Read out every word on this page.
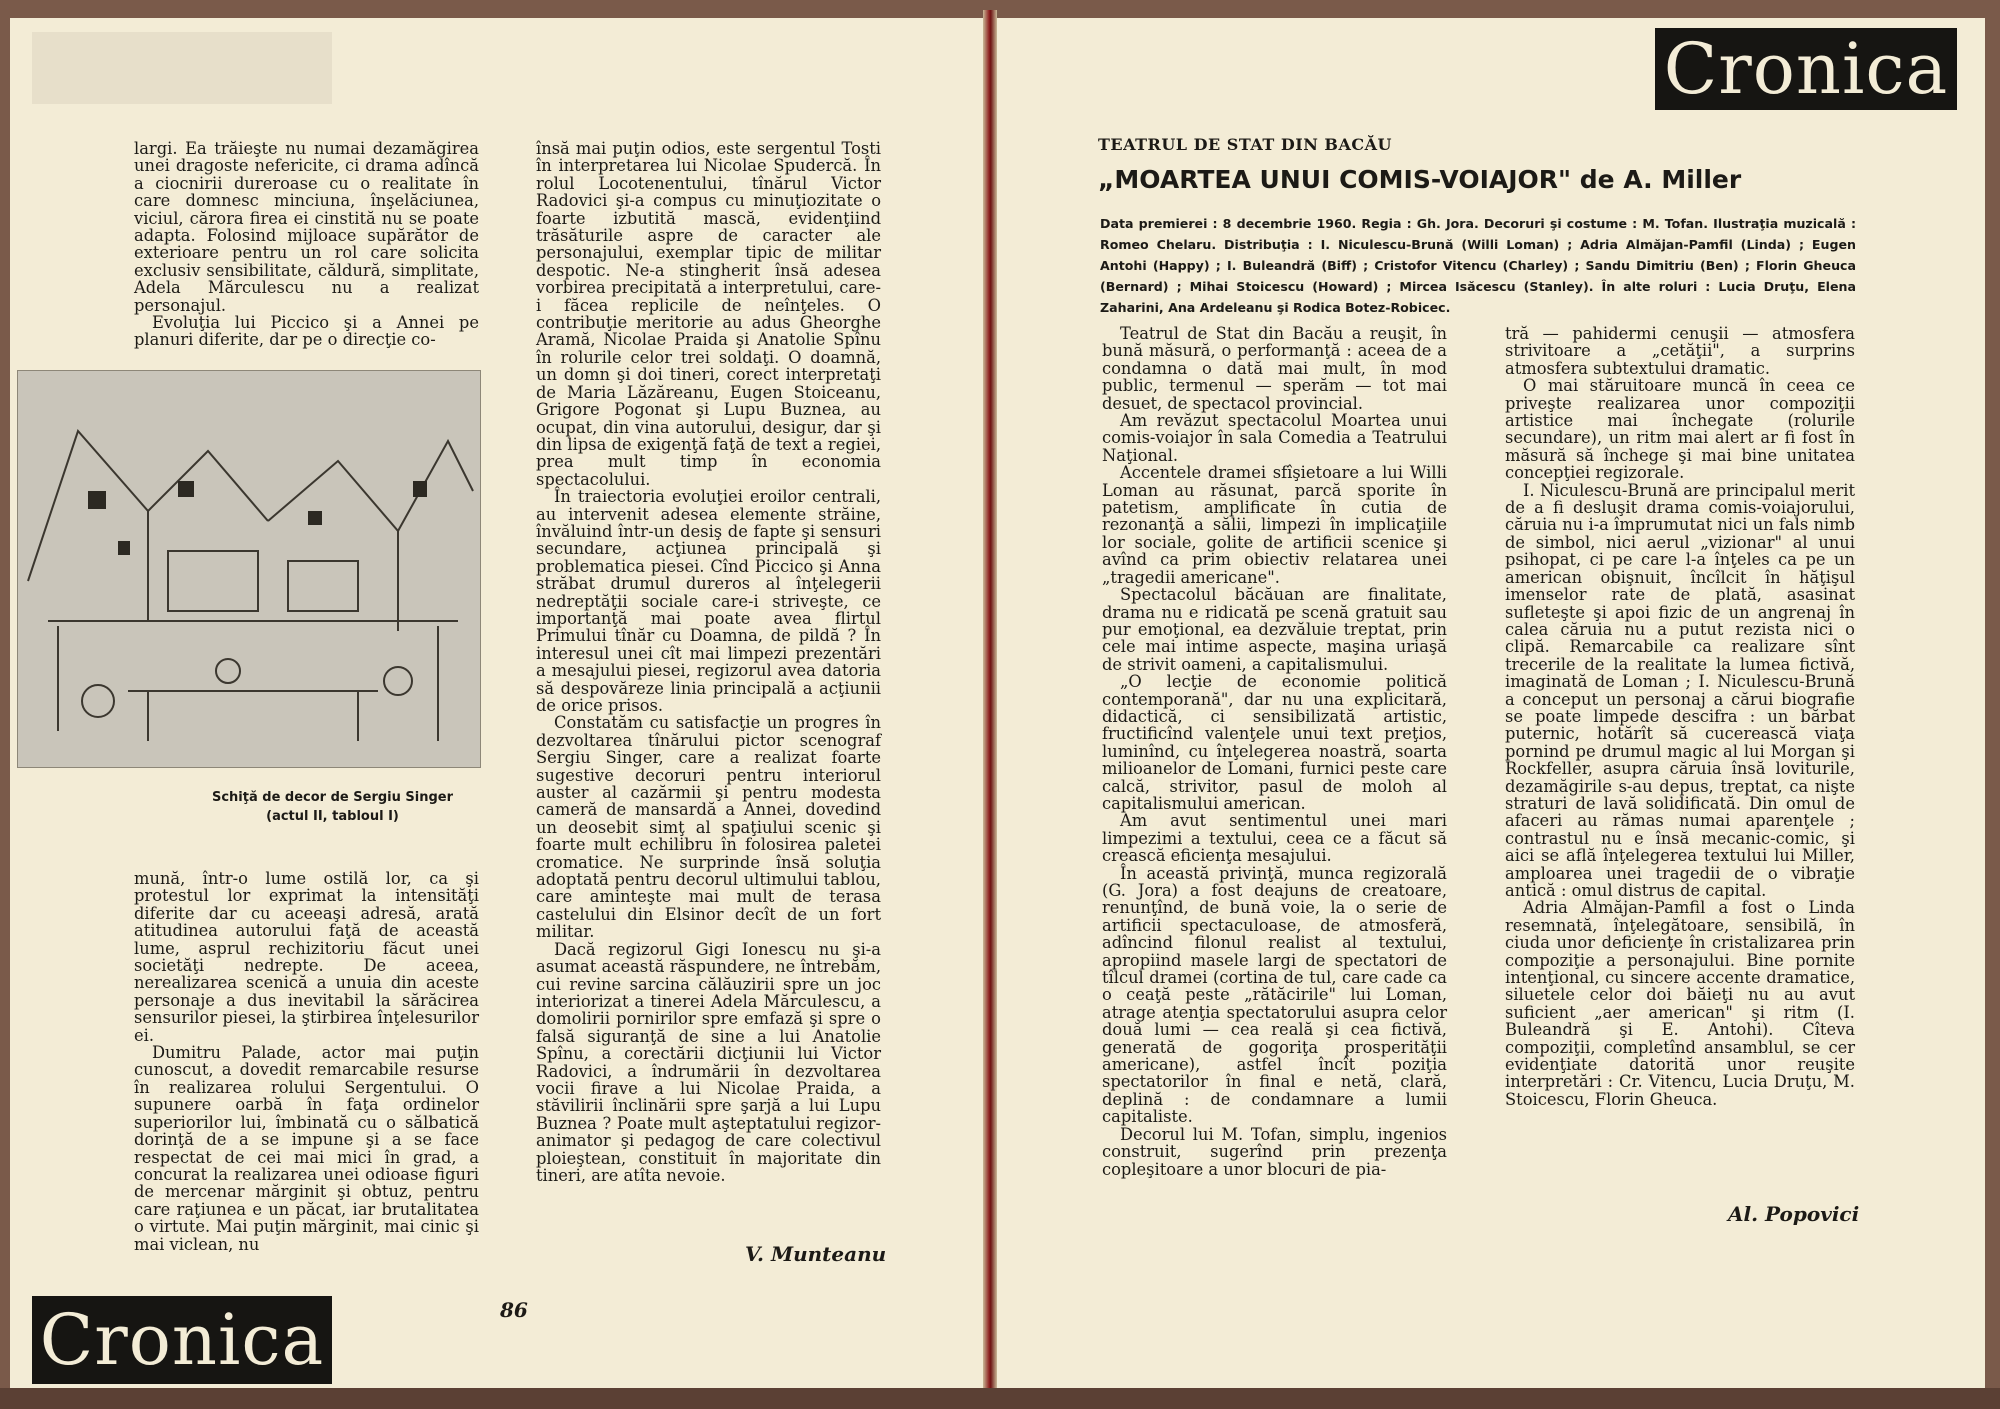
largi. Ea trăieşte nu numai dezamăgirea unei dragoste nefericite, ci drama adîncă a ciocnirii dureroase cu o realitate în care domnesc minciuna, înşelăciunea, viciul, cărora firea ei cinstită nu se poate adapta. Folosind mijloace supărător de exterioare pentru un rol care solicita exclusiv sensibilitate, căldură, simplitate, Adela Mărculescu nu a realizat personajul.

Evoluţia lui Piccico şi a Annei pe planuri diferite, dar pe o direcţie co-

Schiţă de decor de Sergiu Singer
(actul II, tabloul I)

mună, într-o lume ostilă lor, ca şi protestul lor exprimat la intensităţi diferite dar cu aceeaşi adresă, arată atitudinea autorului faţă de această lume, asprul rechizitoriu făcut unei societăţi nedrepte. De aceea, nerealizarea scenică a unuia din aceste personaje a dus inevitabil la sărăcirea sensurilor piesei, la ştirbirea înţelesurilor ei.

Dumitru Palade, actor mai puţin cunoscut, a dovedit remarcabile resurse în realizarea rolului Sergentului. O supunere oarbă în faţa ordinelor superiorilor lui, îmbinată cu o sălbatică dorinţă de a se impune şi a se face respectat de cei mai mici în grad, a concurat la realizarea unei odioase figuri de mercenar mărginit şi obtuz, pentru care raţiunea e un păcat, iar brutalitatea o virtute. Mai puţin mărginit, mai cinic şi mai viclean, nu

însă mai puţin odios, este sergentul Tosti în interpretarea lui Nicolae Spudercă. În rolul Locotenentului, tînărul Victor Radovici şi-a compus cu minuţiozitate o foarte izbutită mască, evidenţiind trăsăturile aspre de caracter ale personajului, exemplar tipic de militar despotic. Ne-a stingherit însă adesea vorbirea precipitată a interpretului, care-i făcea replicile de neînţeles. O contribuţie meritorie au adus Gheorghe Aramă, Nicolae Praida şi Anatolie Spînu în rolurile celor trei soldaţi. O doamnă, un domn şi doi tineri, corect interpretaţi de Maria Lăzăreanu, Eugen Stoiceanu, Grigore Pogonat şi Lupu Buznea, au ocupat, din vina autorului, desigur, dar şi din lipsa de exigenţă faţă de text a regiei, prea mult timp în economia spectacolului.

În traiectoria evoluţiei eroilor centrali, au intervenit adesea elemente străine, învăluind într-un desiş de fapte şi sensuri secundare, acţiunea principală şi problematica piesei. Cînd Piccico şi Anna străbat drumul dureros al înţelegerii nedreptăţii sociale care-i striveşte, ce importanţă mai poate avea flirtul Primului tînăr cu Doamna, de pildă ? În interesul unei cît mai limpezi prezentări a mesajului piesei, regizorul avea datoria să despovăreze linia principală a acţiunii de orice prisos.

Constatăm cu satisfacţie un progres în dezvoltarea tînărului pictor scenograf Sergiu Singer, care a realizat foarte sugestive decoruri pentru interiorul auster al cazărmii şi pentru modesta cameră de mansardă a Annei, dovedind un deosebit simţ al spaţiului scenic şi foarte mult echilibru în folosirea paletei cromatice. Ne surprinde însă soluţia adoptată pentru decorul ultimului tablou, care aminteşte mai mult de terasa castelului din Elsinor decît de un fort militar.

Dacă regizorul Gigi Ionescu nu şi-a asumat această răspundere, ne întrebăm, cui revine sarcina călăuzirii spre un joc interiorizat a tinerei Adela Mărculescu, a domolirii pornirilor spre emfază şi spre o falsă siguranţă de sine a lui Anatolie Spînu, a corectării dicţiunii lui Victor Radovici, a îndrumării în dezvoltarea vocii firave a lui Nicolae Praida, a stăvilirii înclinării spre şarjă a lui Lupu Buznea ? Poate mult aşteptatului regizor-animator şi pedagog de care colectivul ploieştean, constituit în majoritate din tineri, are atîta nevoie.

V. Munteanu
Cronica	86
Cronica
TEATRUL DE STAT DIN BACĂU
„MOARTEA UNUI COMIS-VOIAJOR" de A. Miller
Data premierei : 8 decembrie 1960. Regia : Gh. Jora. Decoruri şi costume : M. Tofan. Ilustraţia muzicală : Romeo Chelaru. Distribuţia : I. Niculescu-Brună (Willi Loman) ; Adria Almăjan-Pamfil (Linda) ; Eugen Antohi (Happy) ; I. Buleandră (Biff) ; Cristofor Vitencu (Charley) ; Sandu Dimitriu (Ben) ; Florin Gheuca (Bernard) ; Mihai Stoicescu (Howard) ; Mircea Isăcescu (Stanley). În alte roluri : Lucia Druţu, Elena Zaharini, Ana Ardeleanu şi Rodica Botez-Robicec.

Teatrul de Stat din Bacău a reuşit, în bună măsură, o performanţă : aceea de a condamna o dată mai mult, în mod public, termenul — sperăm — tot mai desuet, de spectacol provincial.

Am revăzut spectacolul Moartea unui comis-voiajor în sala Comedia a Teatrului Naţional.

Accentele dramei sfîşietoare a lui Willi Loman au răsunat, parcă sporite în patetism, amplificate în cutia de rezonanţă a sălii, limpezi în implicaţiile lor sociale, golite de artificii scenice şi avînd ca prim obiectiv relatarea unei „tragedii americane".

Spectacolul băcăuan are finalitate, drama nu e ridicată pe scenă gratuit sau pur emoţional, ea dezvăluie treptat, prin cele mai intime aspecte, maşina uriaşă de strivit oameni, a capitalismului.

„O lecţie de economie politică contemporană", dar nu una explicitară, didactică, ci sensibilizată artistic, fructificînd valenţele unui text preţios, luminînd, cu înţelegerea noastră, soarta milioanelor de Lomani, furnici peste care calcă, strivitor, pasul de moloh al capitalismului american.

Am avut sentimentul unei mari limpezimi a textului, ceea ce a făcut să crească eficienţa mesajului.

În această privinţă, munca regizorală (G. Jora) a fost deajuns de creatoare, renunţînd, de bună voie, la o serie de artificii spectaculoase, de atmosferă, adîncind filonul realist al textului, apropiind masele largi de spectatori de tîlcul dramei (cortina de tul, care cade ca o ceaţă peste „rătăcirile" lui Loman, atrage atenţia spectatorului asupra celor două lumi — cea reală şi cea fictivă, generată de gogoriţa prosperităţii americane), astfel încît poziţia spectatorilor în final e netă, clară, deplină : de condamnare a lumii capitaliste.

Decorul lui M. Tofan, simplu, ingenios construit, sugerînd prin prezenţa copleşitoare a unor blocuri de pia-

tră — pahidermi cenuşii — atmosfera strivitoare a „cetăţii", a surprins atmosfera subtextului dramatic.

O mai stăruitoare muncă în ceea ce priveşte realizarea unor compoziţii artistice mai închegate (rolurile secundare), un ritm mai alert ar fi fost în măsură să închege şi mai bine unitatea concepţiei regizorale.

I. Niculescu-Brună are principalul merit de a fi desluşit drama comis-voiajorului, căruia nu i-a împrumutat nici un fals nimb de simbol, nici aerul „vizionar" al unui psihopat, ci pe care l-a înţeles ca pe un american obişnuit, încîlcit în hăţişul imenselor rate de plată, asasinat sufleteşte şi apoi fizic de un angrenaj în calea căruia nu a putut rezista nici o clipă. Remarcabile ca realizare sînt trecerile de la realitate la lumea fictivă, imaginată de Loman ; I. Niculescu-Brună a conceput un personaj a cărui biografie se poate limpede descifra : un bărbat puternic, hotărît să cucerească viaţa pornind pe drumul magic al lui Morgan şi Rockfeller, asupra căruia însă loviturile, dezamăgirile s-au depus, treptat, ca nişte straturi de lavă solidificată. Din omul de afaceri au rămas numai aparenţele ; contrastul nu e însă mecanic-comic, şi aici se află înţelegerea textului lui Miller, amploarea unei tragedii de o vibraţie antică : omul distrus de capital.

Adria Almăjan-Pamfil a fost o Linda resemnată, înţelegătoare, sensibilă, în ciuda unor deficienţe în cristalizarea prin compoziţie a personajului. Bine pornite intenţional, cu sincere accente dramatice, siluetele celor doi băieţi nu au avut suficient „aer american" şi ritm (I. Buleandră şi E. Antohi). Cîteva compoziţii, completînd ansamblul, se cer evidenţiate datorită unor reuşite interpretări : Cr. Vitencu, Lucia Druţu, M. Stoicescu, Florin Gheuca.

Al. Popovici
